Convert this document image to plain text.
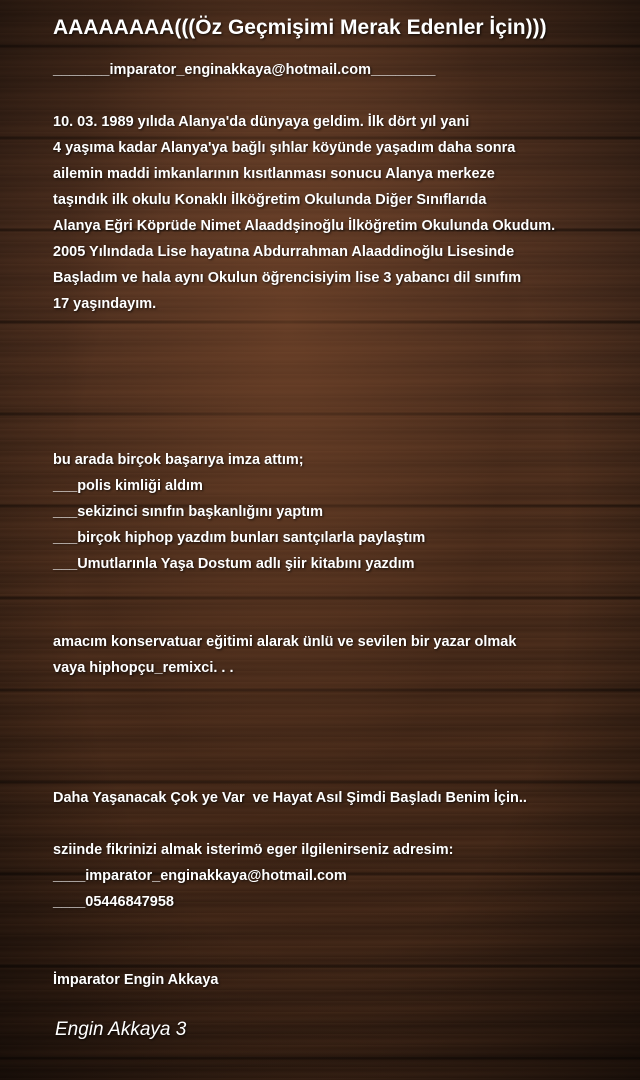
AAAAAAAA(((Öz Geçmişimi Merak Edenler İçin)))
_______imparator_enginakkaya@hotmail.com________
10. 03. 1989 yılıda Alanya'da dünyaya geldim. İlk dört yıl yani
4 yaşıma kadar Alanya'ya bağlı şıhlar köyünde yaşadım daha sonra
ailemin maddi imkanlarının kısıtlanması sonucu Alanya merkeze
taşındık ilk okulu Konaklı İlköğretim Okulunda Diğer Sınıflarıda
Alanya Eğri Köprüde Nimet Alaaddşinoğlu İlköğretim Okulunda Okudum.
2005 Yılındada Lise hayatına Abdurrahman Alaaddinoğlu Lisesinde
Başladım ve hala aynı Okulun öğrencisiyim lise 3 yabancı dil sınıfım
17 yaşındayım.
bu arada birçok başarıya imza attım;
___polis kimliği aldım
___sekizinci sınıfın başkanlığını yaptım
___birçok hiphop yazdım bunları santçılarla paylaştım
___Umutlarınla Yaşa Dostum adlı şiir kitabını yazdım
amacım konservatuar eğitimi alarak ünlü ve sevilen bir yazar olmak
vaya hiphopçu_remixci. . .
Daha Yaşanacak Çok ye Var  ve Hayat Asıl Şimdi Başladı Benim İçin..
sziinde fikrinizi almak isterimö eger ilgilenirseniz adresim:
____imparator_enginakkaya@hotmail.com
____05446847958
İmparator Engin Akkaya
Engin Akkaya 3
